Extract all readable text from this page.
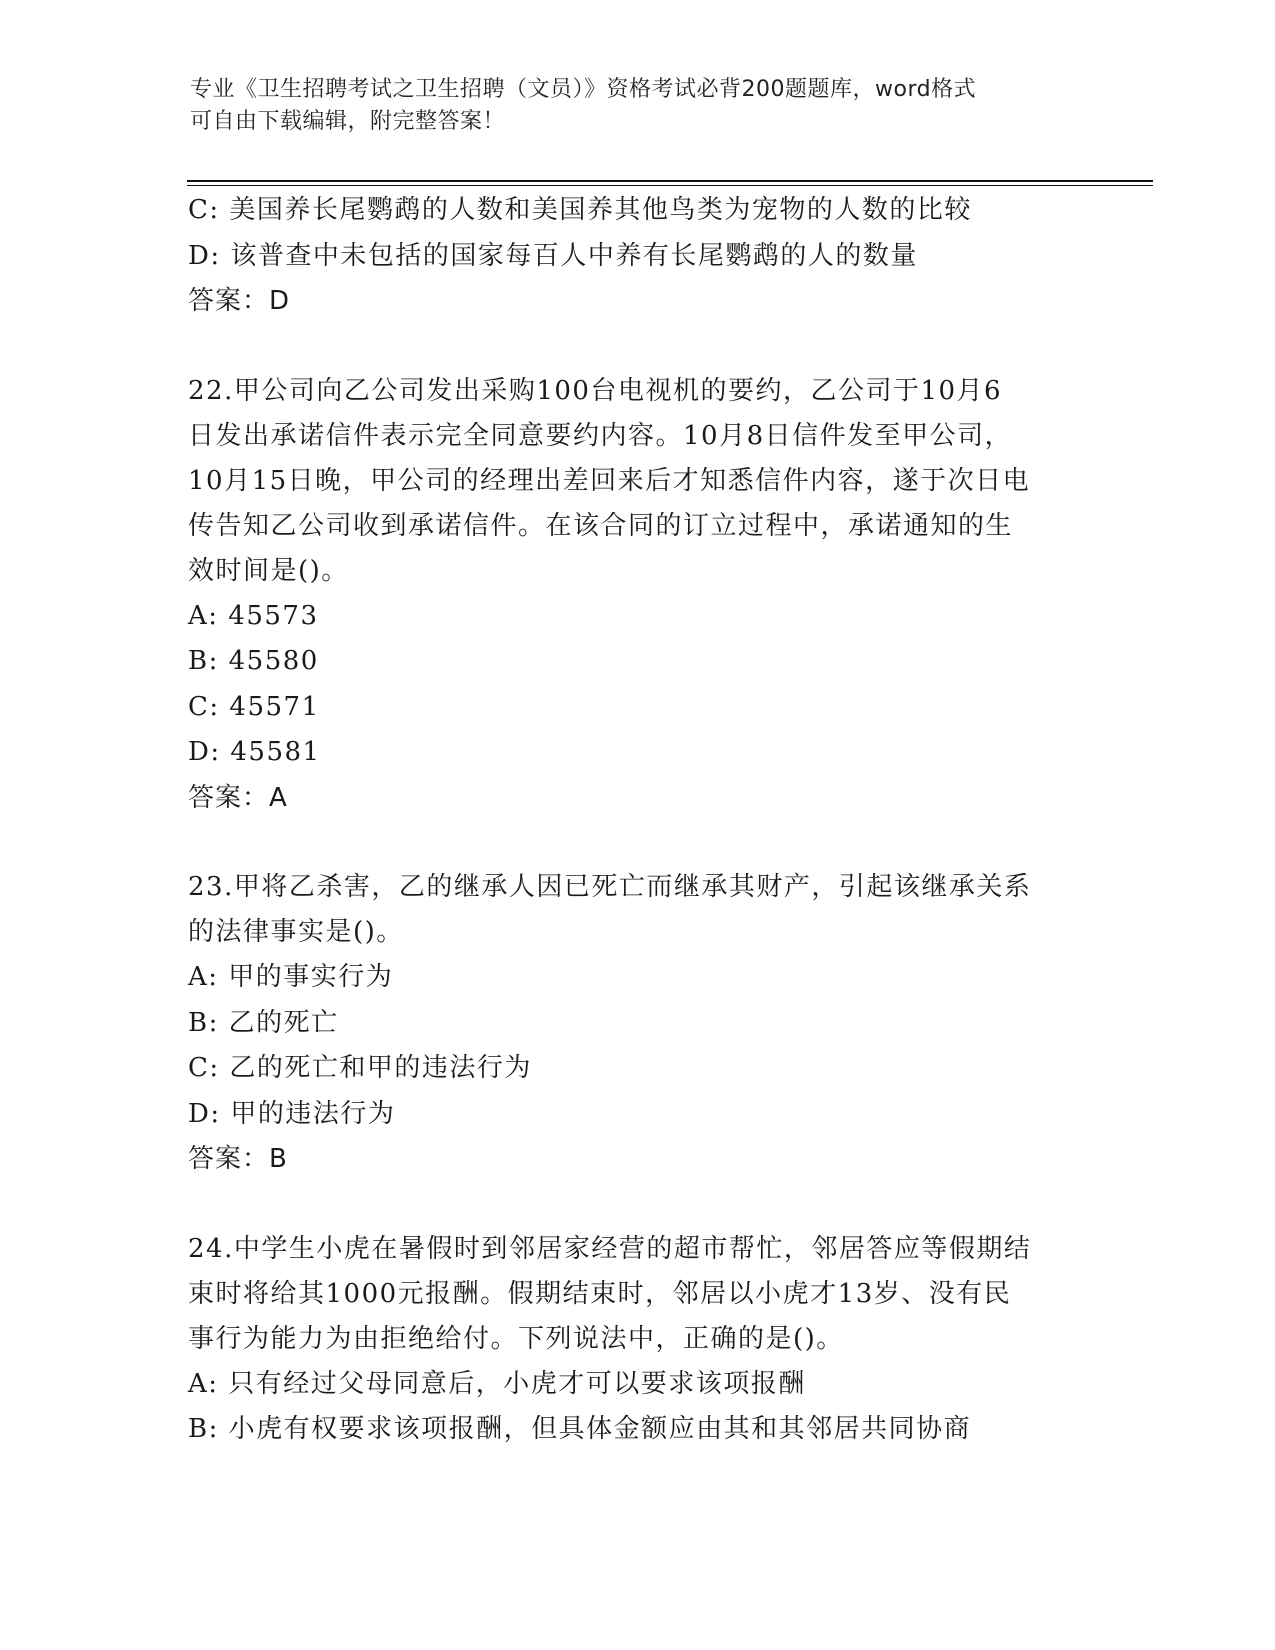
专业《卫生招聘考试之卫生招聘（文员）》资格考试必背200题题库，word格式
可自由下载编辑，附完整答案！
C: 美国养长尾鹦鹉的人数和美国养其他鸟类为宠物的人数的比较
D: 该普查中未包括的国家每百人中养有长尾鹦鹉的人的数量
答案：D
22.甲公司向乙公司发出采购100台电视机的要约，乙公司于10月6
日发出承诺信件表示完全同意要约内容。10月8日信件发至甲公司，
10月15日晚，甲公司的经理出差回来后才知悉信件内容，遂于次日电
传告知乙公司收到承诺信件。在该合同的订立过程中，承诺通知的生
效时间是()。
A: 45573
B: 45580
C: 45571
D: 45581
答案：A
23.甲将乙杀害，乙的继承人因已死亡而继承其财产，引起该继承关系
的法律事实是()。
A: 甲的事实行为
B: 乙的死亡
C: 乙的死亡和甲的违法行为
D: 甲的违法行为
答案：B
24.中学生小虎在暑假时到邻居家经营的超市帮忙，邻居答应等假期结
束时将给其1000元报酬。假期结束时，邻居以小虎才13岁、没有民
事行为能力为由拒绝给付。下列说法中，正确的是()。
A: 只有经过父母同意后，小虎才可以要求该项报酬
B: 小虎有权要求该项报酬，但具体金额应由其和其邻居共同协商
